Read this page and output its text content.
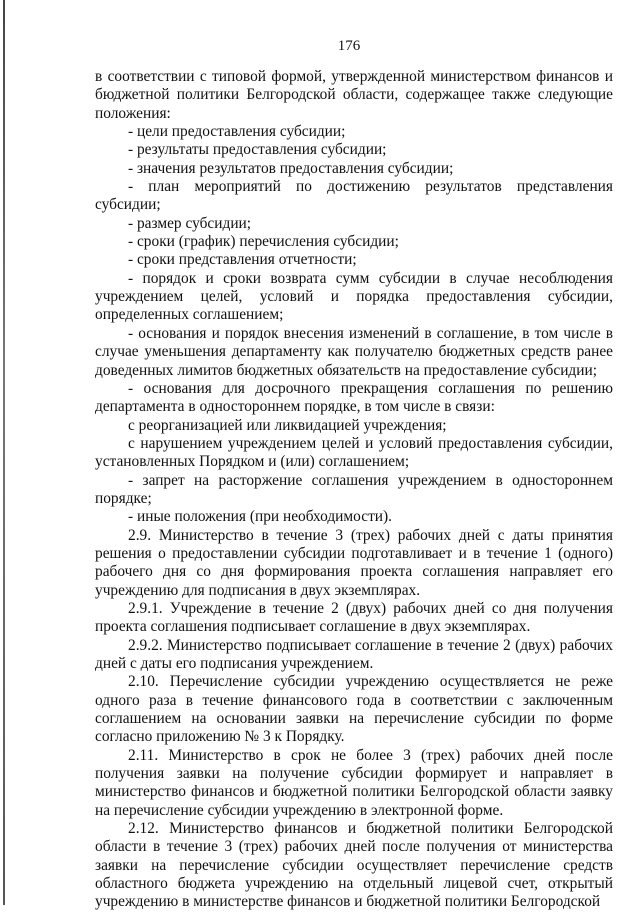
176

в соответствии с типовой формой, утвержденной министерством финансов и бюджетной политики Белгородской области, содержащее также следующие положения:

- цели предоставления субсидии;

- результаты предоставления субсидии;

- значения результатов предоставления субсидии;

- план мероприятий по достижению результатов представления субсидии;

- размер субсидии;

- сроки (график) перечисления субсидии;

- сроки представления отчетности;

- порядок и сроки возврата сумм субсидии в случае несоблюдения учреждением целей, условий и порядка предоставления субсидии, определенных соглашением;

- основания и порядок внесения изменений в соглашение, в том числе в случае уменьшения департаменту как получателю бюджетных средств ранее доведенных лимитов бюджетных обязательств на предоставление субсидии;

- основания для досрочного прекращения соглашения по решению департамента в одностороннем порядке, в том числе в связи:

с реорганизацией или ликвидацией учреждения;

с нарушением учреждением целей и условий предоставления субсидии, установленных Порядком и (или) соглашением;

- запрет на расторжение соглашения учреждением в одностороннем порядке;

- иные положения (при необходимости).

2.9. Министерство в течение 3 (трех) рабочих дней с даты принятия решения о предоставлении субсидии подготавливает и в течение 1 (одного) рабочего дня со дня формирования проекта соглашения направляет его учреждению для подписания в двух экземплярах.

2.9.1. Учреждение в течение 2 (двух) рабочих дней со дня получения проекта соглашения подписывает соглашение в двух экземплярах.

2.9.2. Министерство подписывает соглашение в течение 2 (двух) рабочих дней с даты его подписания учреждением.

2.10. Перечисление субсидии учреждению осуществляется не реже одного раза в течение финансового года в соответствии с заключенным соглашением на основании заявки на перечисление субсидии по форме согласно приложению № 3 к Порядку.

2.11. Министерство в срок не более 3 (трех) рабочих дней после получения заявки на получение субсидии формирует и направляет в министерство финансов и бюджетной политики Белгородской области заявку на перечисление субсидии учреждению в электронной форме.

2.12. Министерство финансов и бюджетной политики Белгородской области в течение 3 (трех) рабочих дней после получения от министерства заявки на перечисление субсидии осуществляет перечисление средств областного бюджета учреждению на отдельный лицевой счет, открытый учреждению в министерстве финансов и бюджетной политики Белгородской
